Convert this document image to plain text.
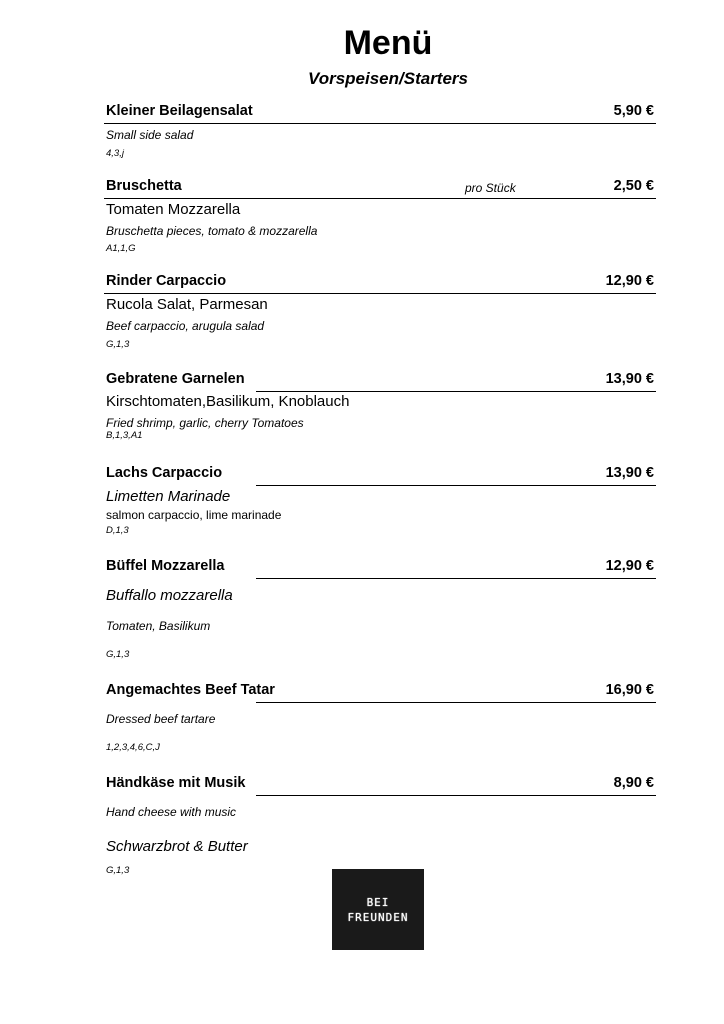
Menü
Vorspeisen/Starters
Kleiner Beilagensalat	5,90 €
Small side salad
4,3,j
Bruschetta	pro Stück	2,50 €
Tomaten Mozzarella
Bruschetta pieces, tomato & mozzarella
A1,1,G
Rinder Carpaccio	12,90 €
Rucola Salat, Parmesan
Beef carpaccio, arugula salad
G,1,3
Gebratene Garnelen	13,90 €
Kirschtomaten,Basilikum, Knoblauch
Fried shrimp, garlic, cherry Tomatoes
B,1,3,A1
Lachs Carpaccio	13,90 €
Limetten Marinade
salmon carpaccio, lime marinade
D,1,3
Büffel Mozzarella	12,90 €
Buffallo mozzarella
Tomaten, Basilikum
G,1,3
Angemachtes Beef Tatar	16,90 €
Dressed beef tartare
1,2,3,4,6,C,J
Händkäse mit Musik	8,90 €
Hand cheese with music
Schwarzbrot & Butter
G,1,3
BEI
FREUNDEN
